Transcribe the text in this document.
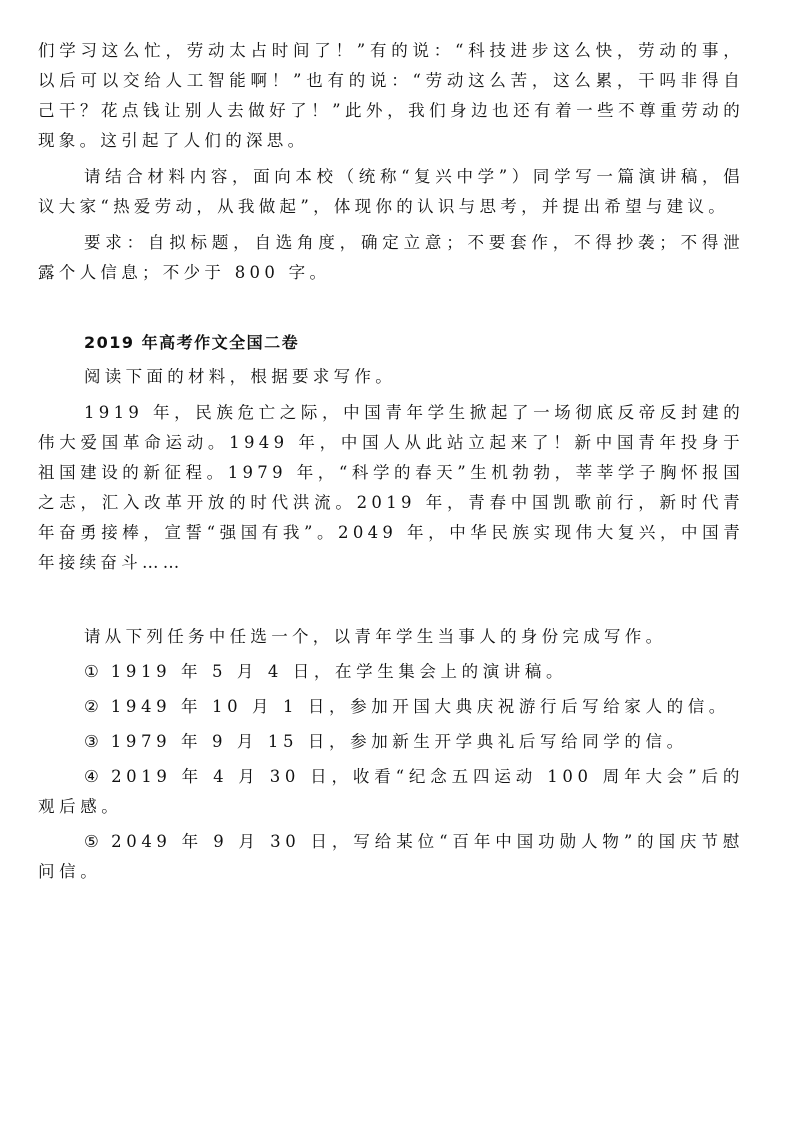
们学习这么忙，劳动太占时间了！”有的说：“科技进步这么快，劳动的事，以后可以交给人工智能啊！”也有的说：“劳动这么苦，这么累，干吗非得自己干？花点钱让别人去做好了！”此外，我们身边也还有着一些不尊重劳动的现象。这引起了人们的深思。

请结合材料内容，面向本校（统称“复兴中学”）同学写一篇演讲稿，倡议大家“热爱劳动，从我做起”，体现你的认识与思考，并提出希望与建议。

要求：自拟标题，自选角度，确定立意；不要套作，不得抄袭；不得泄露个人信息；不少于 800 字。

2019 年高考作文全国二卷

阅读下面的材料，根据要求写作。

1919 年，民族危亡之际，中国青年学生掀起了一场彻底反帝反封建的伟大爱国革命运动。1949 年，中国人从此站立起来了！新中国青年投身于祖国建设的新征程。1979 年，“科学的春天”生机勃勃，莘莘学子胸怀报国之志，汇入改革开放的时代洪流。2019 年，青春中国凯歌前行，新时代青年奋勇接棒，宣誓“强国有我”。2049 年，中华民族实现伟大复兴，中国青年接续奋斗……

请从下列任务中任选一个，以青年学生当事人的身份完成写作。

① 1919 年 5 月 4 日，在学生集会上的演讲稿。

② 1949 年 10 月 1 日，参加开国大典庆祝游行后写给家人的信。

③ 1979 年 9 月 15 日，参加新生开学典礼后写给同学的信。

④ 2019 年 4 月 30 日，收看“纪念五四运动 100 周年大会”后的观后感。

⑤ 2049 年 9 月 30 日，写给某位“百年中国功勋人物”的国庆节慰问信。
